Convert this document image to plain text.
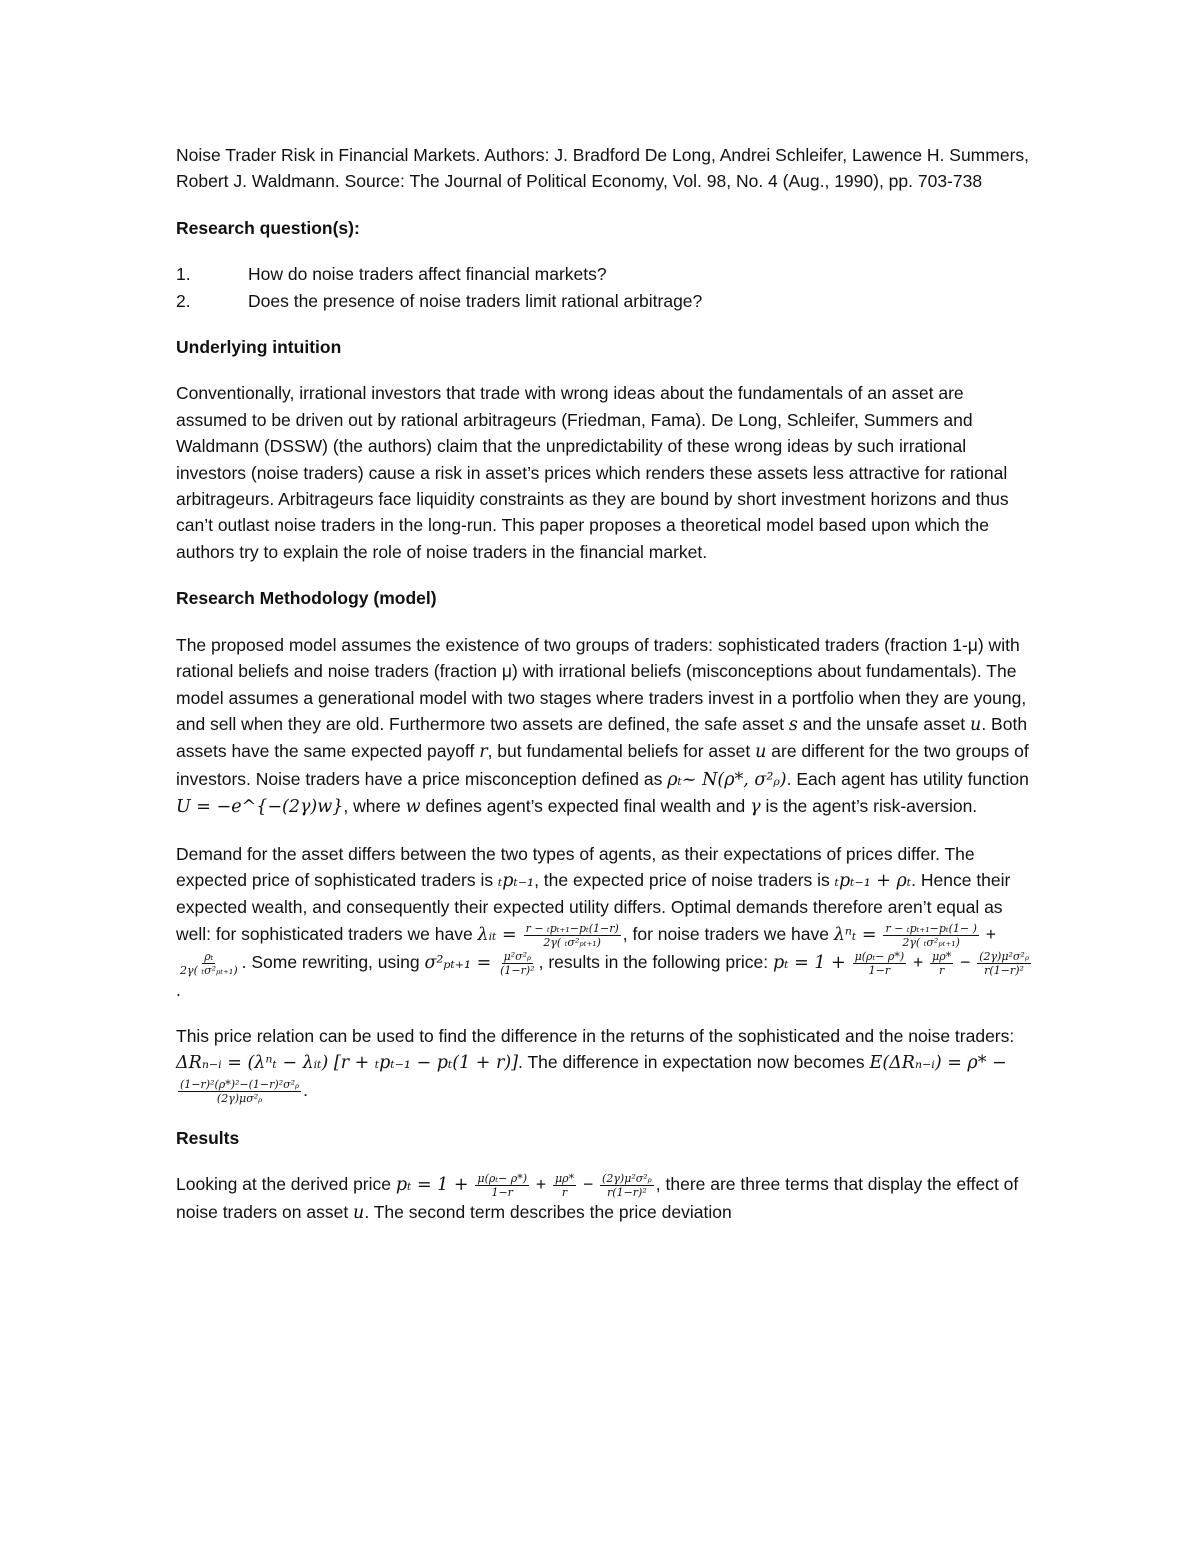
Noise Trader Risk in Financial Markets. Authors: J. Bradford De Long, Andrei Schleifer, Lawence H. Summers, Robert J. Waldmann. Source: The Journal of Political Economy, Vol. 98, No. 4 (Aug., 1990), pp. 703-738

Research question(s):

1.	How do noise traders affect financial markets?
2.	Does the presence of noise traders limit rational arbitrage?

Underlying intuition

Conventionally, irrational investors that trade with wrong ideas about the fundamentals of an asset are assumed to be driven out by rational arbitrageurs (Friedman, Fama). De Long, Schleifer, Summers and Waldmann (DSSW) (the authors) claim that the unpredictability of these wrong ideas by such irrational investors (noise traders) cause a risk in asset’s prices which renders these assets less attractive for rational arbitrageurs. Arbitrageurs face liquidity constraints as they are bound by short investment horizons and thus can’t outlast noise traders in the long-run. This paper proposes a theoretical model based upon which the authors try to explain the role of noise traders in the financial market.

Research Methodology (model)

The proposed model assumes the existence of two groups of traders: sophisticated traders (fraction 1-μ) with rational beliefs and noise traders (fraction μ) with irrational beliefs (misconceptions about fundamentals). The model assumes a generational model with two stages where traders invest in a portfolio when they are young, and sell when they are old. Furthermore two assets are defined, the safe asset s and the unsafe asset u. Both assets have the same expected payoff r, but fundamental beliefs for asset u are different for the two groups of investors. Noise traders have a price misconception defined as ρₜ~ N(ρ*, σ²ᵨ). Each agent has utility function U = −e^{−(2γ)w}, where w defines agent’s expected final wealth and γ is the agent’s risk-aversion.

Demand for the asset differs between the two types of agents, as their expectations of prices differ. The expected price of sophisticated traders is ₜpₜ₋₁, the expected price of noise traders is ₜpₜ₋₁ + ρₜ. Hence their expected wealth, and consequently their expected utility differs. Optimal demands therefore aren’t equal as well: for sophisticated traders we have λᵢₜ = $\frac{\text{r − ₜpₜ₊₁−pₜ(1−r)}}{\text{2γ( ₜσ²ₚₜ₊₁)}}$ , for noise traders we have $\lambda^n_t = \frac{\text{r − ₜpₜ₊₁−pₜ(1− )}}{\text{2γ( ₜσ²ₚₜ₊₁)}}$ +
$\frac{\text{ρₜ}}{\text{2γ( ₜσ²ₚₜ₊₁)}}$ . Some rewriting, using $\sigma^2_{pt+1} = \frac{\text{μ²σ²ᵨ}}{\text{(1−r)²}}$ , results in the following price: $p_t = 1 + \frac{\text{μ(ρₜ− ρ*)}}{1-r} + \frac{\mu\rho*}{r} - \frac{\text{(2γ)μ²σ²ᵨ}}{\text{r(1−r)²}}$
.

This price relation can be used to find the difference in the returns of the sophisticated and the noise traders: ΔRₙ₋ᵢ = (λⁿₜ − λᵢₜ) [r + ₜpₜ₋₁ − pₜ(1 + r)]. The difference in expectation now becomes E(ΔRₙ₋ᵢ) = ρ* −
$\frac{\text{(1−r)²(ρ*)²−(1−r)²σ²ᵨ}}{\text{(2γ)μσ²ᵨ}}$ .

Results

Looking at the derived price $p_t = 1 + \frac{\text{μ(ρₜ− ρ*)}}{1-r} + \frac{\mu\rho*}{r} - \frac{\text{(2γ)μ²σ²ᵨ}}{\text{r(1−r)²}}$ , there are three terms that display the effect of noise traders on asset u. The second term describes the price deviation
